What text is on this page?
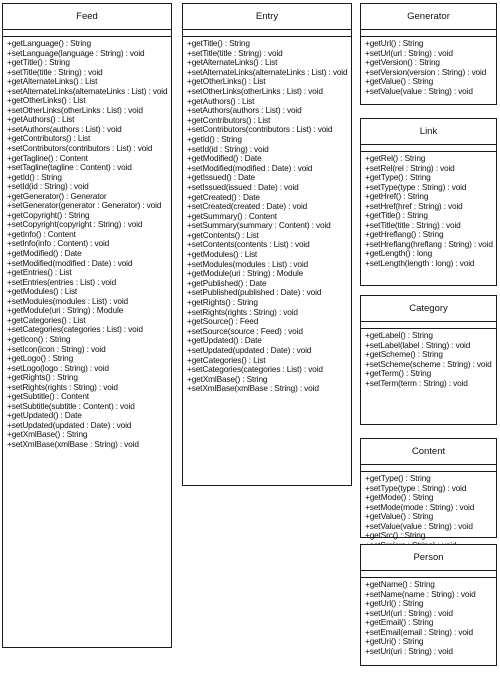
Feed
+getLanguage() : String
+setLanguage(language : String) : void
+getTitle() : String
+setTitle(title : String) : void
+getAlternateLinks() : List
+setAlternateLinks(alternateLinks : List) : void
+getOtherLinks() : List
+setOtherLinks(otherLinks : List) : void
+getAuthors() : List
+setAuthors(authors : List) : void
+getContributors() : List
+setContributors(contributors : List) : void
+getTagline() : Content
+setTagline(tagline : Content) : void
+getId() : String
+setId(id : String) : void
+getGenerator() : Generator
+setGenerator(generator : Generator) : void
+getCopyright() : String
+setCopyright(copyright : String) : void
+getInfo() : Content
+setInfo(info : Content) : void
+getModified() : Date
+setModified(modified : Date) : void
+getEntries() : List
+setEntries(entries : List) : void
+getModules() : List
+setModules(modules : List) : void
+getModule(uri : String) : Module
+getCategories() : List
+setCategories(categories : List) : void
+getIcon() : String
+setIcon(icon : String) : void
+getLogo() : String
+setLogo(logo : String) : void
+getRights() : String
+setRights(rights : String) : void
+getSubtitle() : Content
+setSubtitle(subtitle : Content) : void
+getUpdated() : Date
+setUpdated(updated : Date) : void
+getXmlBase() : String
+setXmlBase(xmlBase : String) : void
Entry
+getTitle() : String
+setTitle(title : String) : void
+getAlternateLinks() : List
+setAlternateLinks(alternateLinks : List) : void
+getOtherLinks() : List
+setOtherLinks(otherLinks : List) : void
+getAuthors() : List
+setAuthors(authors : List) : void
+getContributors() : List
+setContributors(contributors : List) : void
+getId() : String
+setId(id : String) : void
+getModified() : Date
+setModified(modified : Date) : void
+getIssued() : Date
+setIssued(issued : Date) : void
+getCreated() : Date
+setCreated(created : Date) : void
+getSummary() : Content
+setSummary(summary : Content) : void
+getContents() : List
+setContents(contents : List) : void
+getModules() : List
+setModules(modules : List) : void
+getModule(uri : String) : Module
+getPublished() : Date
+setPublished(published : Date) : void
+getRights() : String
+setRights(rights : String) : void
+getSource() : Feed
+setSource(source : Feed) : void
+getUpdated() : Date
+setUpdated(updated : Date) : void
+getCategories() : List
+setCategories(categories : List) : void
+getXmlBase() : String
+setXmlBase(xmlBase : String) : void
Generator
+getUrl() : String
+setUrl(url : String) : void
+getVersion() : String
+setVersion(version : String) : void
+getValue() : String
+setValue(value : String) : void
Link
+getRel() : String
+setRel(rel : String) : void
+getType() : String
+setType(type : String) : void
+getHref() : String
+setHref(href : String) : void
+getTitle() : String
+setTitle(title : String) : void
+getHreflang() : String
+setHreflang(hreflang : String) : void
+getLength() : long
+setLength(length : long) : void
Category
+getLabel() : String
+setLabel(label : String) : void
+getScheme() : String
+setScheme(scheme : String) : void
+getTerm() : String
+setTerm(term : String) : void
Content
+getType() : String
+setType(type : String) : void
+getMode() : String
+setMode(mode : String) : void
+getValue() : String
+setValue(value : String) : void
+getSrc() : String
Person
+getName() : String
+setName(name : String) : void
+getUrl() : String
+setUrl(url : String) : void
+getEmail() : String
+setEmail(email : String) : void
+getUri() : String
+setUri(uri : String) : void
